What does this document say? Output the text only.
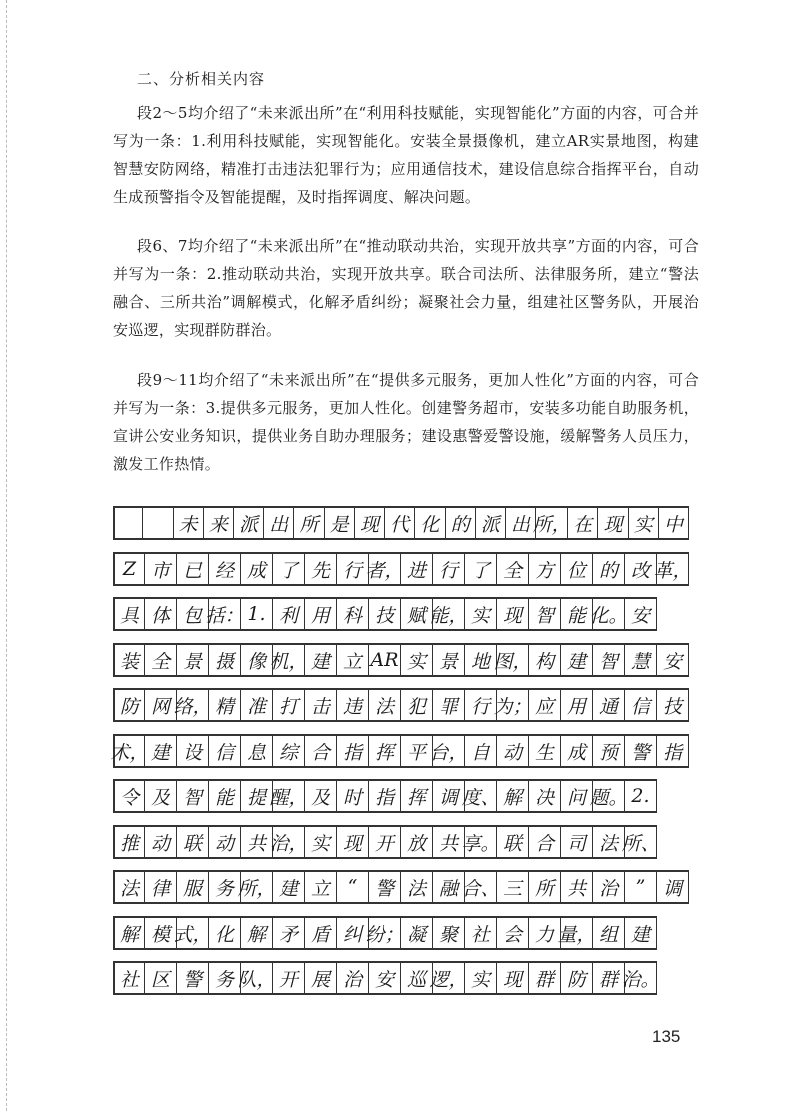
二、分析相关内容

段2～5均介绍了“未来派出所”在“利用科技赋能，实现智能化”方面的内容，可合并写为一条：1.利用科技赋能，实现智能化。安装全景摄像机，建立AR实景地图，构建智慧安防网络，精准打击违法犯罪行为；应用通信技术，建设信息综合指挥平台，自动生成预警指令及智能提醒，及时指挥调度、解决问题。

段6、7均介绍了“未来派出所”在“推动联动共治，实现开放共享”方面的内容，可合并写为一条：2.推动联动共治，实现开放共享。联合司法所、法律服务所，建立“警法融合、三所共治”调解模式，化解矛盾纠纷；凝聚社会力量，组建社区警务队，开展治安巡逻，实现群防群治。

段9～11均介绍了“未来派出所”在“提供多元服务，更加人性化”方面的内容，可合并写为一条：3.提供多元服务，更加人性化。创建警务超市，安装多功能自助服务机，宣讲公安业务知识，提供业务自助办理服务；建设惠警爱警设施，缓解警务人员压力，激发工作热情。

未 来 派 出 所 是 现 代 化 的 派 出 所， 在 现 实 中
Z 市 已 经 成 了 先 行 者， 进 行 了 全 方 位 的 改 革，
具 体 包 括： 1. 利 用 科 技 赋 能， 实 现 智 能 化。 安
装 全 景 摄 像 机， 建 立 AR 实 景 地 图， 构 建 智 慧 安
防 网 络， 精 准 打 击 违 法 犯 罪 行 为； 应 用 通 信 技
术， 建 设 信 息 综 合 指 挥 平 台， 自 动 生 成 预 警 指
令 及 智 能 提 醒， 及 时 指 挥 调 度、 解 决 问 题。 2.
推 动 联 动 共 治， 实 现 开 放 共 享。 联 合 司 法 所、
法 律 服 务 所， 建 立 “ 警 法 融 合、 三 所 共 治 ” 调
解 模 式， 化 解 矛 盾 纠 纷； 凝 聚 社 会 力 量， 组 建
社 区 警 务 队， 开 展 治 安 巡 逻， 实 现 群 防 群 治。
135
